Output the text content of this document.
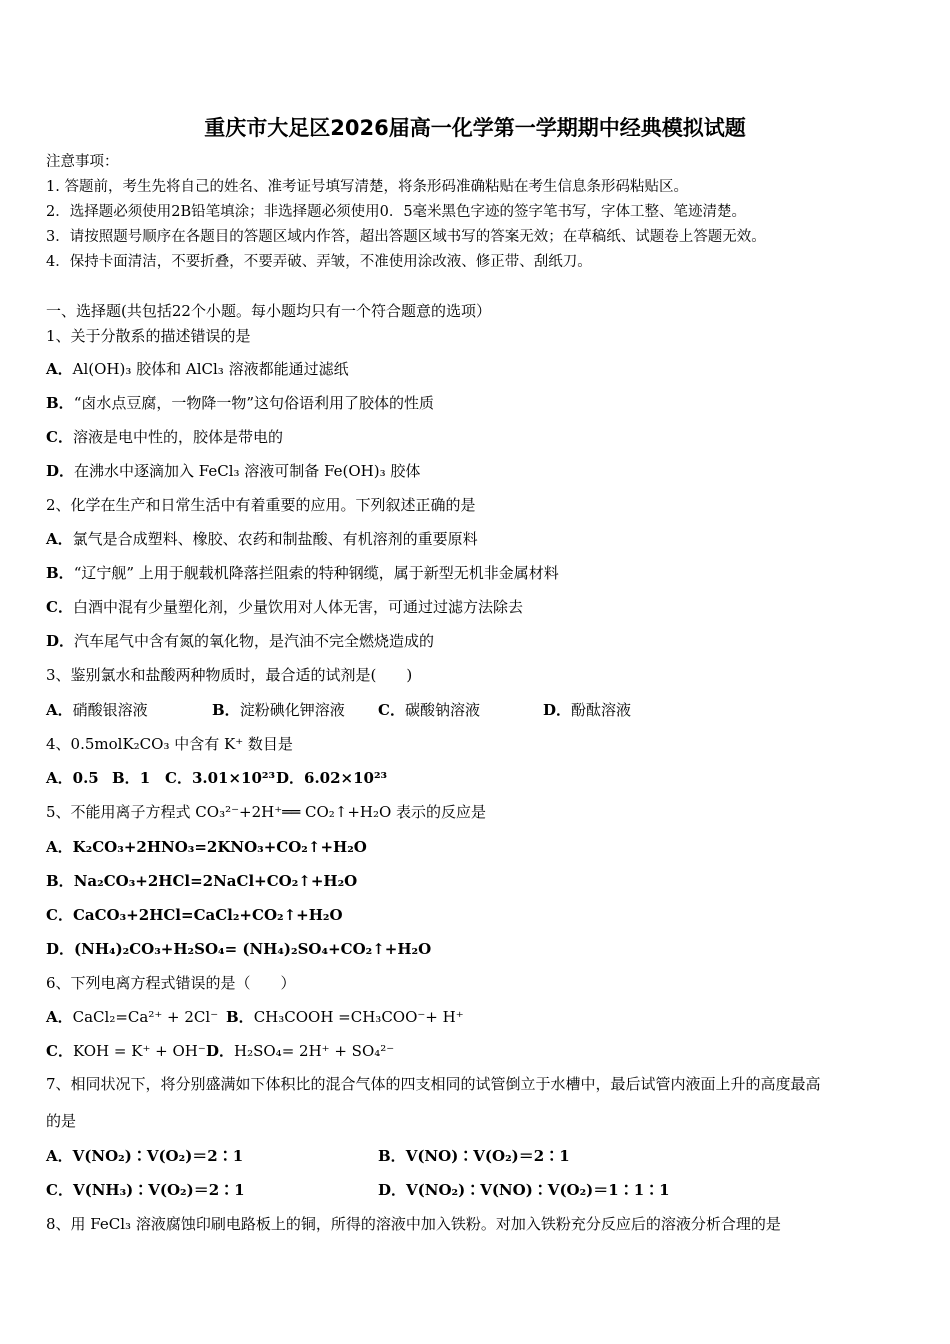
重庆市大足区2026届高一化学第一学期期中经典模拟试题
注意事项：
1. 答题前，考生先将自己的姓名、准考证号填写清楚，将条形码准确粘贴在考生信息条形码粘贴区。
2．选择题必须使用2B铅笔填涂；非选择题必须使用0．5毫米黑色字迹的签字笔书写，字体工整、笔迹清楚。
3．请按照题号顺序在各题目的答题区域内作答，超出答题区域书写的答案无效；在草稿纸、试题卷上答题无效。
4．保持卡面清洁，不要折叠，不要弄破、弄皱，不准使用涂改液、修正带、刮纸刀。
一、选择题(共包括22个小题。每小题均只有一个符合题意的选项）
1、关于分散系的描述错误的是
A．Al(OH)₃ 胶体和 AlCl₃ 溶液都能通过滤纸
B．“卤水点豆腐，一物降一物”这句俗语利用了胶体的性质
C．溶液是电中性的，胶体是带电的
D．在沸水中逐滴加入 FeCl₃ 溶液可制备 Fe(OH)₃ 胶体
2、化学在生产和日常生活中有着重要的应用。下列叙述正确的是
A．氯气是合成塑料、橡胶、农药和制盐酸、有机溶剂的重要原料
B．“辽宁舰” 上用于舰载机降落拦阻索的特种钢缆，属于新型无机非金属材料
C．白酒中混有少量塑化剂，少量饮用对人体无害，可通过过滤方法除去
D．汽车尾气中含有氮的氧化物，是汽油不完全燃烧造成的
3、鉴别氯水和盐酸两种物质时，最合适的试剂是(　　)
A．硝酸银溶液	B．淀粉碘化钾溶液 C．碳酸钠溶液	D．酚酞溶液
4、0.5molK₂CO₃ 中含有 K⁺ 数目是
A．0.5 B．1 C．3.01×10²³ D．6.02×10²³
5、不能用离子方程式 CO₃²⁻+2H⁺══ CO₂↑+H₂O 表示的反应是
A．K₂CO₃+2HNO₃=2KNO₃+CO₂↑+H₂O
B．Na₂CO₃+2HCl=2NaCl+CO₂↑+H₂O
C．CaCO₃+2HCl=CaCl₂+CO₂↑+H₂O
D．(NH₄)₂CO₃+H₂SO₄= (NH₄)₂SO₄+CO₂↑+H₂O
6、下列电离方程式错误的是（　　）
A．CaCl₂=Ca²⁺ + 2Cl⁻ B．CH₃COOH =CH₃COO⁻+ H⁺
C．KOH = K⁺ + OH⁻ D．H₂SO₄= 2H⁺ + SO₄²⁻
7、相同状况下，将分别盛满如下体积比的混合气体的四支相同的试管倒立于水槽中，最后试管内液面上升的高度最高
的是
A．V(NO₂)∶V(O₂)＝2∶1	B．V(NO)∶V(O₂)＝2∶1
C．V(NH₃)∶V(O₂)＝2∶1	D．V(NO₂)∶V(NO)∶V(O₂)＝1∶1∶1
8、用 FeCl₃ 溶液腐蚀印刷电路板上的铜，所得的溶液中加入铁粉。对加入铁粉充分反应后的溶液分析合理的是
